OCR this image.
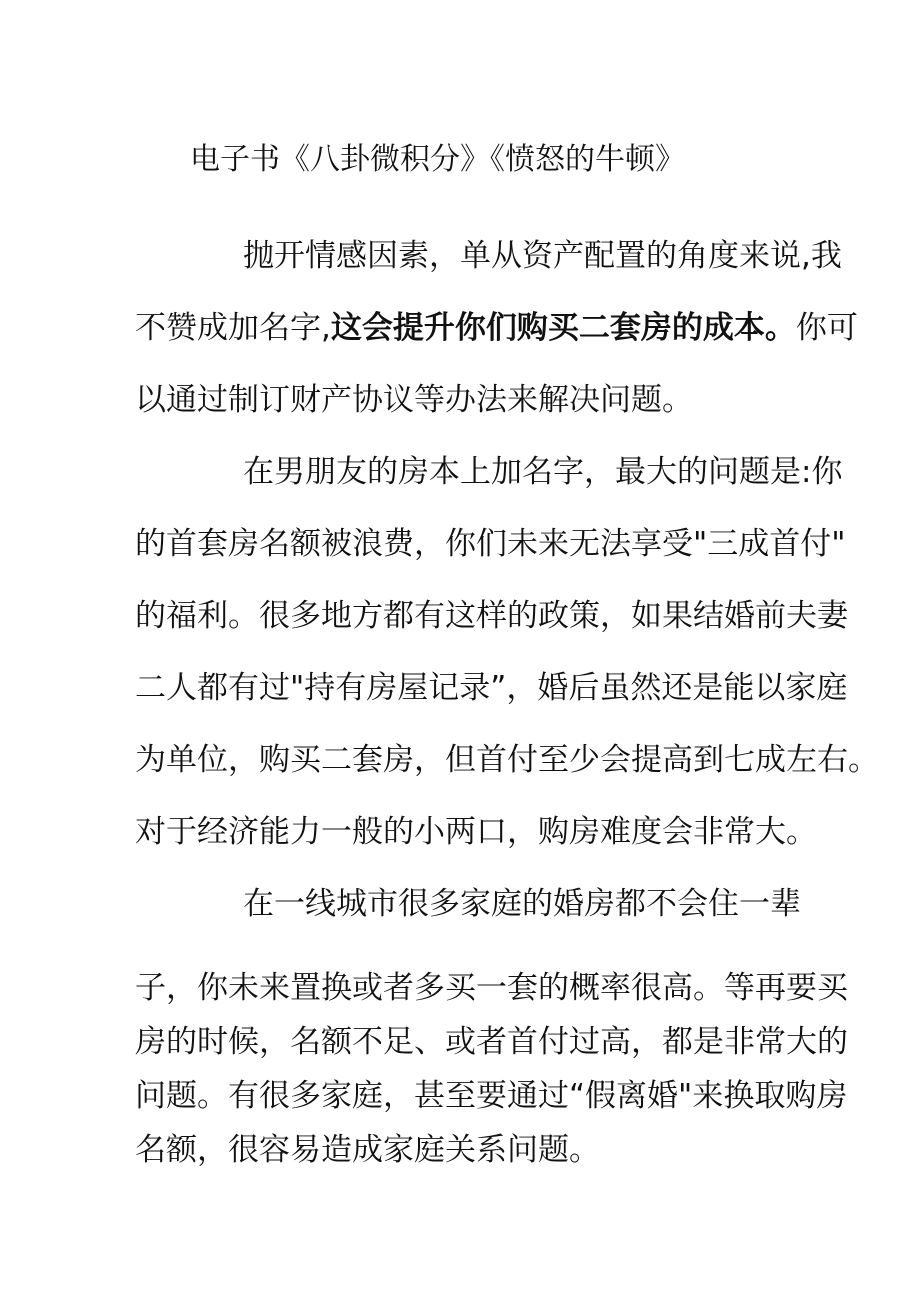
电子书《八卦微积分》《愤怒的牛顿》
抛开情感因素，单从资产配置的角度来说,我
不赞成加名字,这会提升你们购买二套房的成本。你可
以通过制订财产协议等办法来解决问题。
在男朋友的房本上加名字，最大的问题是:你
的首套房名额被浪费，你们未来无法享受"三成首付"
的福利。很多地方都有这样的政策，如果结婚前夫妻
二人都有过"持有房屋记录”，婚后虽然还是能以家庭
为单位，购买二套房，但首付至少会提高到七成左右。
对于经济能力一般的小两口，购房难度会非常大。
在一线城市很多家庭的婚房都不会住一辈
子，你未来置换或者多买一套的概率很高。等再要买
房的时候，名额不足、或者首付过高，都是非常大的
问题。有很多家庭，甚至要通过“假离婚"来换取购房
名额，很容易造成家庭关系问题。
